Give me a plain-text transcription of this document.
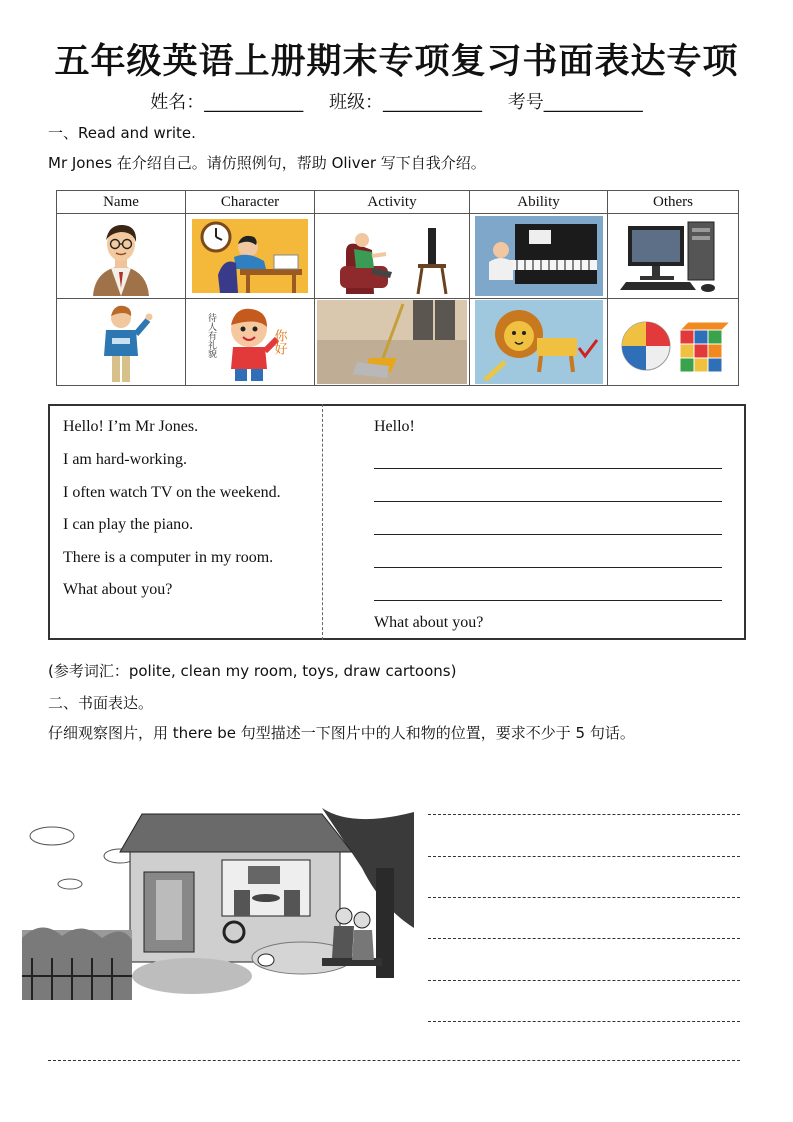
五年级英语上册期末专项复习书面表达专项
姓名：___________ 班级：___________ 考号___________
一、Read and write.
Mr Jones 在介绍自己。请仿照例句，帮助 Oliver 写下自我介绍。
Name	Character	Activity	Ability	Others

待人有礼貌 你好

Hello! I’m Mr Jones.
I am hard-working.
I often watch TV on the weekend.
I can play the piano.
There is a computer in my room.
What about you?
Hello!
What about you?
(参考词汇：polite, clean my room, toys, draw cartoons)
二、书面表达。
仔细观察图片，用 there be 句型描述一下图片中的人和物的位置，要求不少于 5 句话。
